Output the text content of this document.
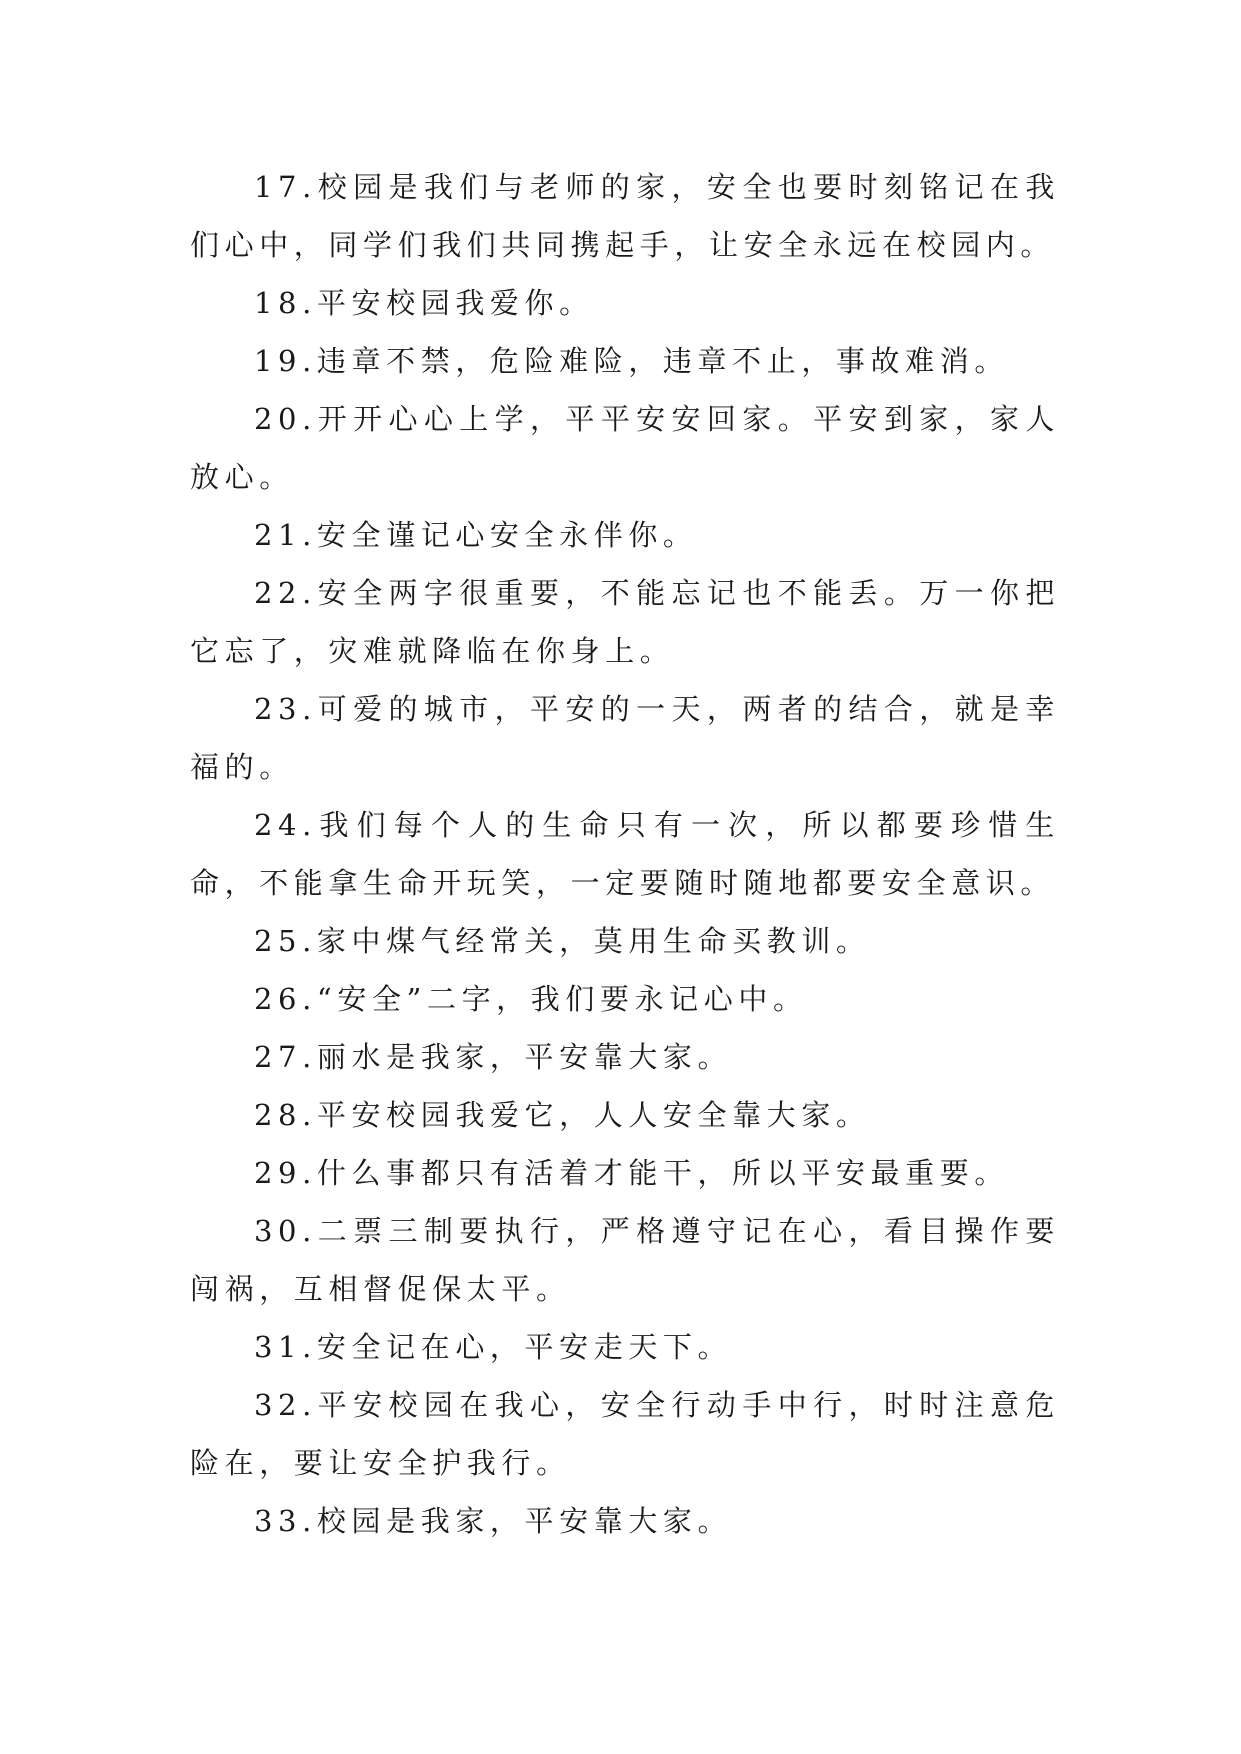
17.校园是我们与老师的家，安全也要时刻铭记在我们心中，同学们我们共同携起手，让安全永远在校园内。

18.平安校园我爱你。

19.违章不禁，危险难险，违章不止，事故难消。

20.开开心心上学，平平安安回家。平安到家，家人放心。

21.安全谨记心安全永伴你。

22.安全两字很重要，不能忘记也不能丢。万一你把它忘了，灾难就降临在你身上。

23.可爱的城市，平安的一天，两者的结合，就是幸福的。

24.我们每个人的生命只有一次，所以都要珍惜生命，不能拿生命开玩笑，一定要随时随地都要安全意识。

25.家中煤气经常关，莫用生命买教训。

26.“安全”二字，我们要永记心中。

27.丽水是我家，平安靠大家。

28.平安校园我爱它，人人安全靠大家。

29.什么事都只有活着才能干，所以平安最重要。

30.二票三制要执行，严格遵守记在心，看目操作要闯祸，互相督促保太平。

31.安全记在心，平安走天下。

32.平安校园在我心，安全行动手中行，时时注意危险在，要让安全护我行。

33.校园是我家，平安靠大家。
